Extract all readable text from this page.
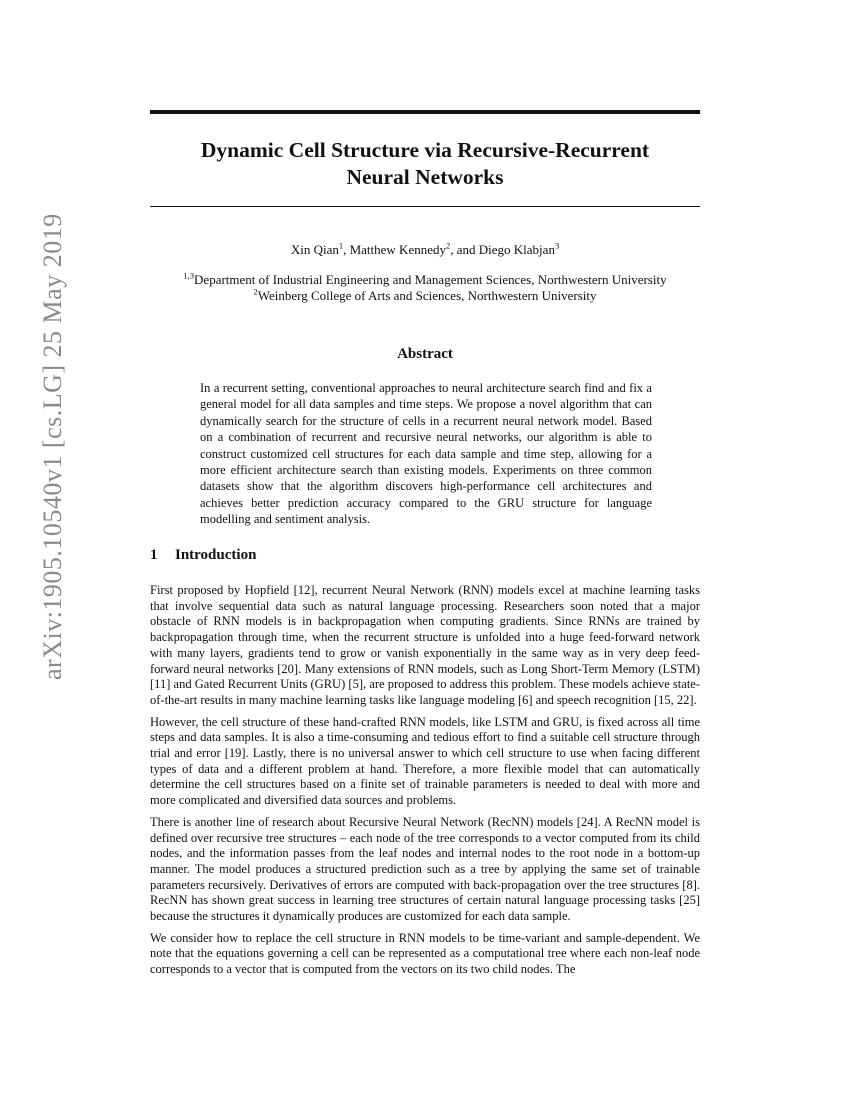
arXiv:1905.10540v1 [cs.LG] 25 May 2019
Dynamic Cell Structure via Recursive-Recurrent
Neural Networks
Xin Qian$^1$, Matthew Kennedy$^2$, and Diego Klabjan$^3$
$^{1,3}$Department of Industrial Engineering and Management Sciences, Northwestern University
$^2$Weinberg College of Arts and Sciences, Northwestern University
Abstract

In a recurrent setting, conventional approaches to neural architecture search find and fix a general model for all data samples and time steps. We propose a novel algorithm that can dynamically search for the structure of cells in a recurrent neural network model. Based on a combination of recurrent and recursive neural networks, our algorithm is able to construct customized cell structures for each data sample and time step, allowing for a more efficient architecture search than existing models. Experiments on three common datasets show that the algorithm discovers high-performance cell architectures and achieves better prediction accuracy compared to the GRU structure for language modelling and sentiment analysis.

1 Introduction

First proposed by Hopfield [12], recurrent Neural Network (RNN) models excel at machine learning tasks that involve sequential data such as natural language processing. Researchers soon noted that a major obstacle of RNN models is in backpropagation when computing gradients. Since RNNs are trained by backpropagation through time, when the recurrent structure is unfolded into a huge feed-forward network with many layers, gradients tend to grow or vanish exponentially in the same way as in very deep feed-forward neural networks [20]. Many extensions of RNN models, such as Long Short-Term Memory (LSTM) [11] and Gated Recurrent Units (GRU) [5], are proposed to address this problem. These models achieve state-of-the-art results in many machine learning tasks like language modeling [6] and speech recognition [15, 22].

However, the cell structure of these hand-crafted RNN models, like LSTM and GRU, is fixed across all time steps and data samples. It is also a time-consuming and tedious effort to find a suitable cell structure through trial and error [19]. Lastly, there is no universal answer to which cell structure to use when facing different types of data and a different problem at hand. Therefore, a more flexible model that can automatically determine the cell structures based on a finite set of trainable parameters is needed to deal with more and more complicated and diversified data sources and problems.

There is another line of research about Recursive Neural Network (RecNN) models [24]. A RecNN model is defined over recursive tree structures – each node of the tree corresponds to a vector computed from its child nodes, and the information passes from the leaf nodes and internal nodes to the root node in a bottom-up manner. The model produces a structured prediction such as a tree by applying the same set of trainable parameters recursively. Derivatives of errors are computed with back-propagation over the tree structures [8]. RecNN has shown great success in learning tree structures of certain natural language processing tasks [25] because the structures it dynamically produces are customized for each data sample.

We consider how to replace the cell structure in RNN models to be time-variant and sample-dependent. We note that the equations governing a cell can be represented as a computational tree where each non-leaf node corresponds to a vector that is computed from the vectors on its two child nodes. The
